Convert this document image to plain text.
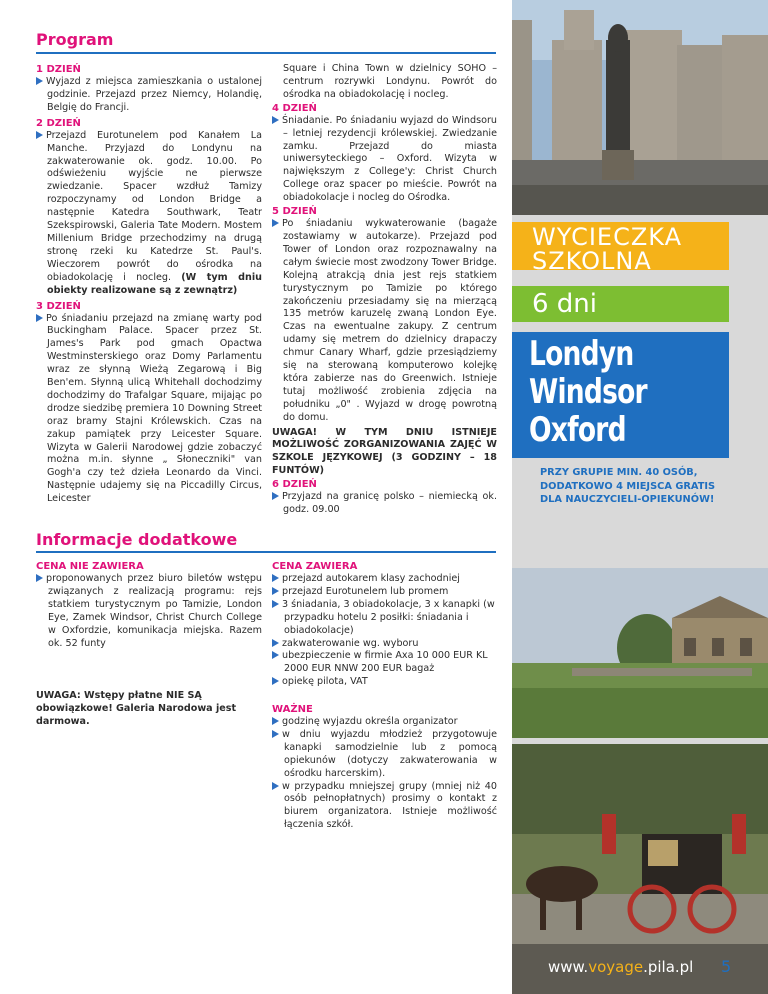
Program
1 DZIEŃ
Wyjazd z miejsca zamieszkania o ustalonej godzinie. Przejazd przez Niemcy, Holandię, Belgię do Francji.
2 DZIEŃ
Przejazd Eurotunelem pod Kanałem La Manche. Przyjazd do Londynu na zakwaterowanie ok. godz. 10.00. Po odświeżeniu wyjście ne pierwsze zwiedzanie. Spacer wzdłuż Tamizy rozpoczynamy od London Bridge a następnie Katedra Southwark, Teatr Szekspirowski, Galeria Tate Modern. Mostem Millenium Bridge przechodzimy na drugą stronę rzeki ku Katedrze St. Paul's. Wieczorem powrót do ośrodka na obiadokolację i nocleg. (W tym dniu obiekty realizowane są z zewnątrz)
3 DZIEŃ
Po śniadaniu przejazd na zmianę warty pod Buckingham Palace. Spacer przez St. James's Park pod gmach Opactwa Westminsterskiego oraz Domy Parlamentu wraz ze słynną Wieżą Zegarową i Big Ben'em. Słynną ulicą Whitehall dochodzimy dochodzimy do Trafalgar Square, mijając po drodze siedzibę premiera 10 Downing Street oraz bramy Stajni Królewskich. Czas na zakup pamiątek przy Leicester Square. Wizyta w Galerii Narodowej gdzie zobaczyć można m.in. słynne „ Słoneczniki" van Gogh'a czy też dzieła Leonardo da Vinci. Następnie udajemy się na Piccadilly Circus, Leicester
Square i China Town w dzielnicy SOHO – centrum rozrywki Londynu. Powrót do ośrodka na obiadokolację i nocleg.
4 DZIEŃ
Śniadanie. Po śniadaniu wyjazd do Windsoru – letniej rezydencji królewskiej. Zwiedzanie zamku. Przejazd do miasta uniwersyteckiego – Oxford. Wizyta w największym z College'y: Christ Church College oraz spacer po mieście. Powrót na obiadokolacje i nocleg do Ośrodka.
5 DZIEŃ
Po śniadaniu wykwaterowanie (bagaże zostawiamy w autokarze). Przejazd pod Tower of London oraz rozpoznawalny na całym świecie most zwodzony Tower Bridge. Kolejną atrakcją dnia jest rejs statkiem turystycznym po Tamizie po którego zakończeniu przesiadamy się na mierzącą 135 metrów karuzelę zwaną London Eye. Czas na ewentualne zakupy. Z centrum udamy się metrem do dzielnicy drapaczy chmur Canary Wharf, gdzie przesiądziemy się na sterowaną komputerowo kolejkę która zabierze nas do Greenwich. Istnieje tutaj możliwość zrobienia zdjęcia na południku „0" . Wyjazd w drogę powrotną do domu.
UWAGA! W TYM DNIU ISTNIEJE MOŻLIWOŚĆ ZORGANIZOWANIA ZAJĘĆ W SZKOLE JĘZYKOWEJ (3 GODZINY – 18 FUNTÓW)
6 DZIEŃ
Przyjazd na granicę polsko – niemiecką ok. godz. 09.00
Informacje dodatkowe
CENA NIE ZAWIERA
proponowanych przez biuro biletów wstępu związanych z realizacją programu: rejs statkiem turystycznym po Tamizie, London Eye, Zamek Windsor, Christ Church College w Oxfordzie, komunikacja miejska. Razem ok. 52 funty
UWAGA: Wstępy płatne NIE SĄ obowiązkowe! Galeria Narodowa jest darmowa.
CENA ZAWIERA
przejazd autokarem klasy zachodniej
przejazd Eurotunelem lub promem
3 śniadania, 3 obiadokolacje, 3 x kanapki (w przypadku hotelu 2 posiłki: śniadania i obiadokolacje)
zakwaterowanie wg. wyboru
ubezpieczenie w firmie Axa 10 000 EUR KL 2000 EUR NNW 200 EUR bagaż
opiekę pilota, VAT
WAŻNE
godzinę wyjazdu określa organizator
w dniu wyjazdu młodzież przygotowuje kanapki samodzielnie lub z pomocą opiekunów (dotyczy zakwaterowania w ośrodku harcerskim).
w przypadku mniejszej grupy (mniej niż 40 osób pełnopłatnych) prosimy o kontakt z biurem organizatora. Istnieje możliwość łączenia szkół.
WYCIECZKA
SZKOLNA
6 dni
Londyn
Windsor
Oxford
PRZY GRUPIE MIN. 40 OSÓB, DODATKOWO 4 MIEJSCA GRATIS DLA NAUCZYCIELI-OPIEKUNÓW!
www.voyage.pila.pl 5
